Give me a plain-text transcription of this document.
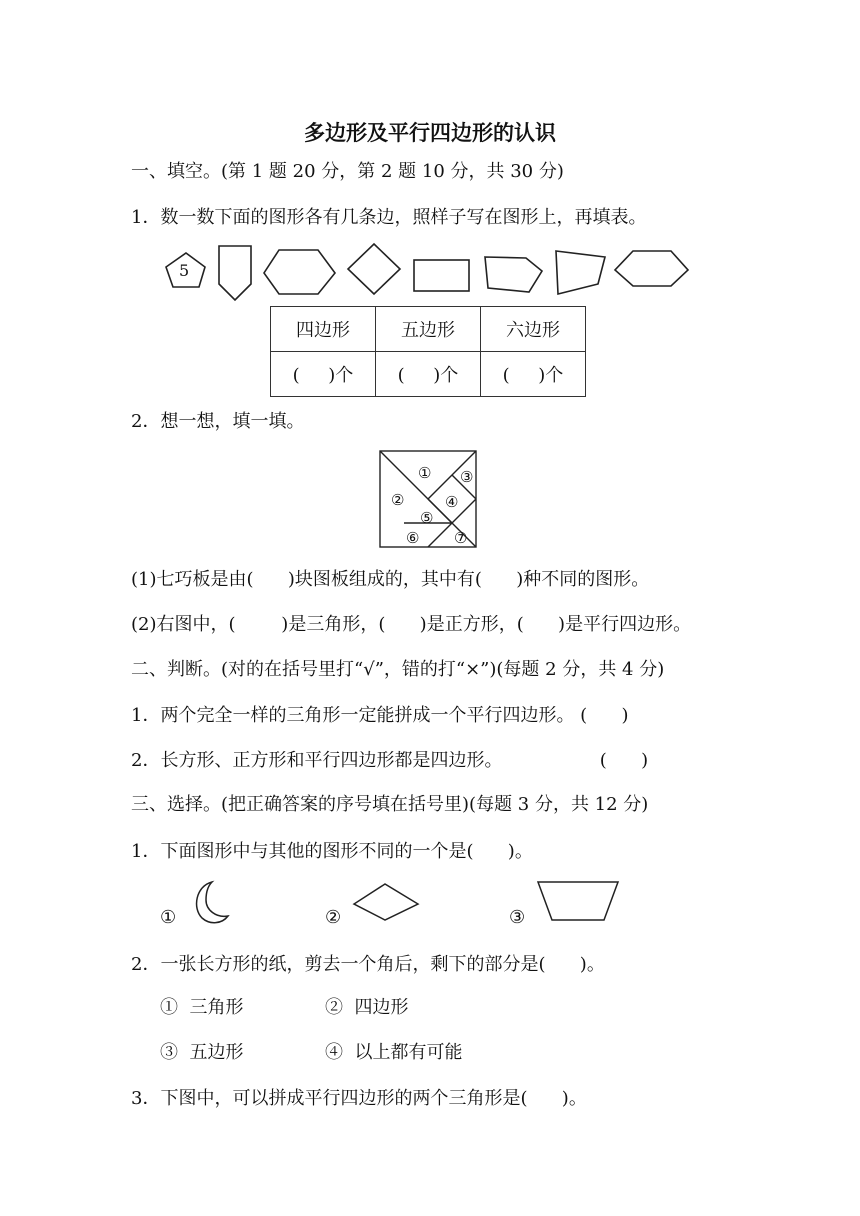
多边形及平行四边形的认识
一、填空。(第 1 题 20 分，第 2 题 10 分，共 30 分)
1．数一数下面的图形各有几条边，照样子写在图形上，再填表。
5
四边形	五边形	六边形
(     )个	(     )个	(     )个
2．想一想，填一填。
①
②
③
④
⑤
⑥ ⑦
(1)七巧板是由(      )块图板组成的，其中有(      )种不同的图形。
(2)右图中，(        )是三角形，(      )是正方形，(      )是平行四边形。
二、判断。(对的在括号里打“√”，错的打“×”)(每题 2 分，共 4 分)
1．两个完全一样的三角形一定能拼成一个平行四边形。 (      )
2．长方形、正方形和平行四边形都是四边形。                 (      )
三、选择。(把正确答案的序号填在括号里)(每题 3 分，共 12 分)
1．下面图形中与其他的图形不同的一个是(      )。
①	②	③
2．一张长方形的纸，剪去一个角后，剩下的部分是(      )。
①  三角形	②  四边形
③  五边形	④  以上都有可能
3．下图中，可以拼成平行四边形的两个三角形是(      )。
